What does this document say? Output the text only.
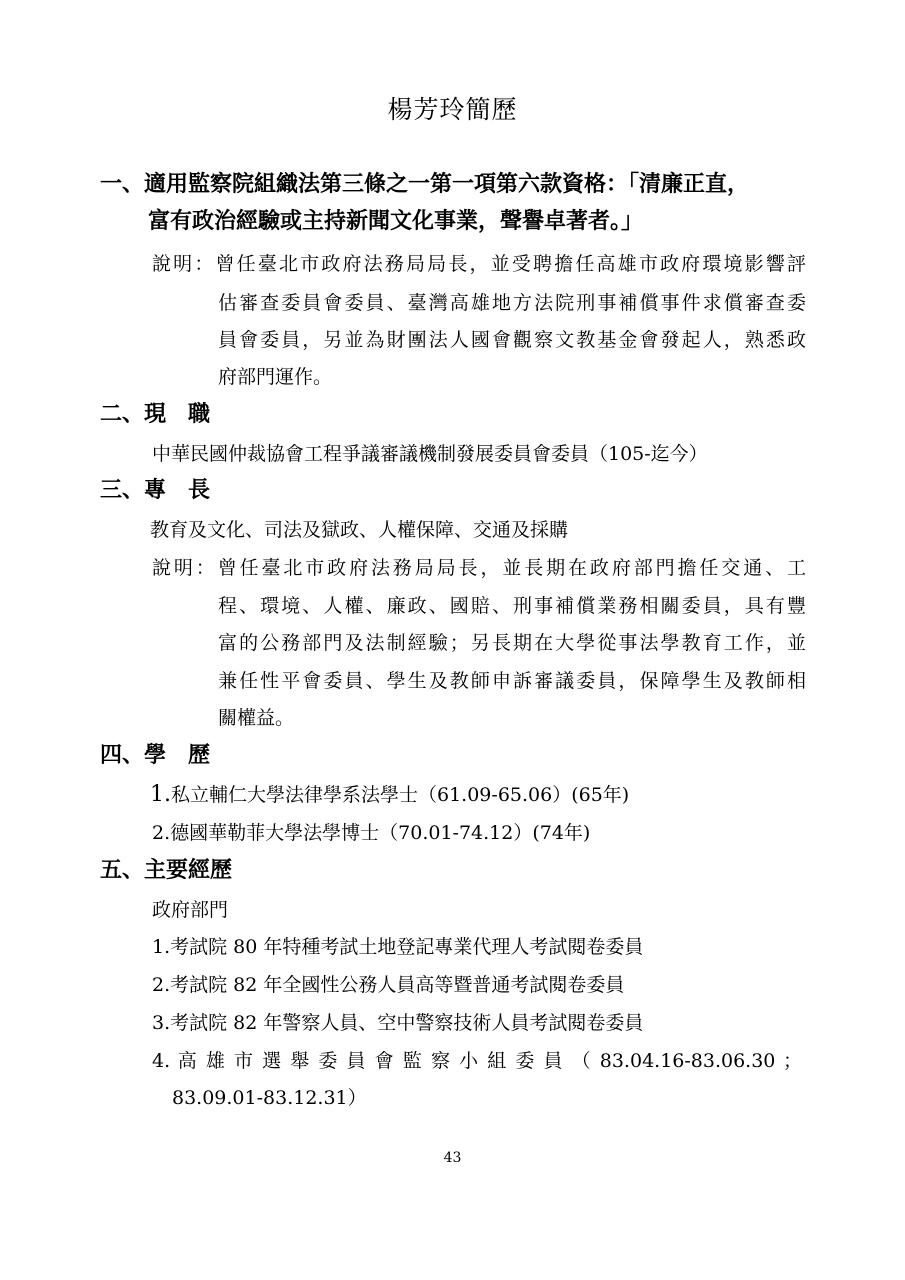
楊芳玲簡歷
一、適用監察院組織法第三條之一第一項第六款資格：「清廉正直，
富有政治經驗或主持新聞文化事業，聲譽卓著者。」
說明：曾任臺北市政府法務局局長，並受聘擔任高雄市政府環境影響評
估審查委員會委員、臺灣高雄地方法院刑事補償事件求償審查委
員會委員，另並為財團法人國會觀察文教基金會發起人，熟悉政
府部門運作。
二、現　職
中華民國仲裁協會工程爭議審議機制發展委員會委員（105-迄今）
三、專　長
教育及文化、司法及獄政、人權保障、交通及採購
說明：曾任臺北市政府法務局局長，並長期在政府部門擔任交通、工
程、環境、人權、廉政、國賠、刑事補償業務相關委員，具有豐
富的公務部門及法制經驗；另長期在大學從事法學教育工作，並
兼任性平會委員、學生及教師申訴審議委員，保障學生及教師相
關權益。
四、學　歷
1.私立輔仁大學法律學系法學士（61.09-65.06）(65年)
2.德國華勒菲大學法學博士（70.01-74.12）(74年)
五、主要經歷
政府部門
1.考試院 80 年特種考試土地登記專業代理人考試閱卷委員
2.考試院 82 年全國性公務人員高等暨普通考試閱卷委員
3.考試院 82 年警察人員、空中警察技術人員考試閱卷委員
4. 高 雄 市 選 舉 委 員 會 監 察 小 組 委 員 （ 83.04.16-83.06.30 ；
83.09.01-83.12.31）
43
